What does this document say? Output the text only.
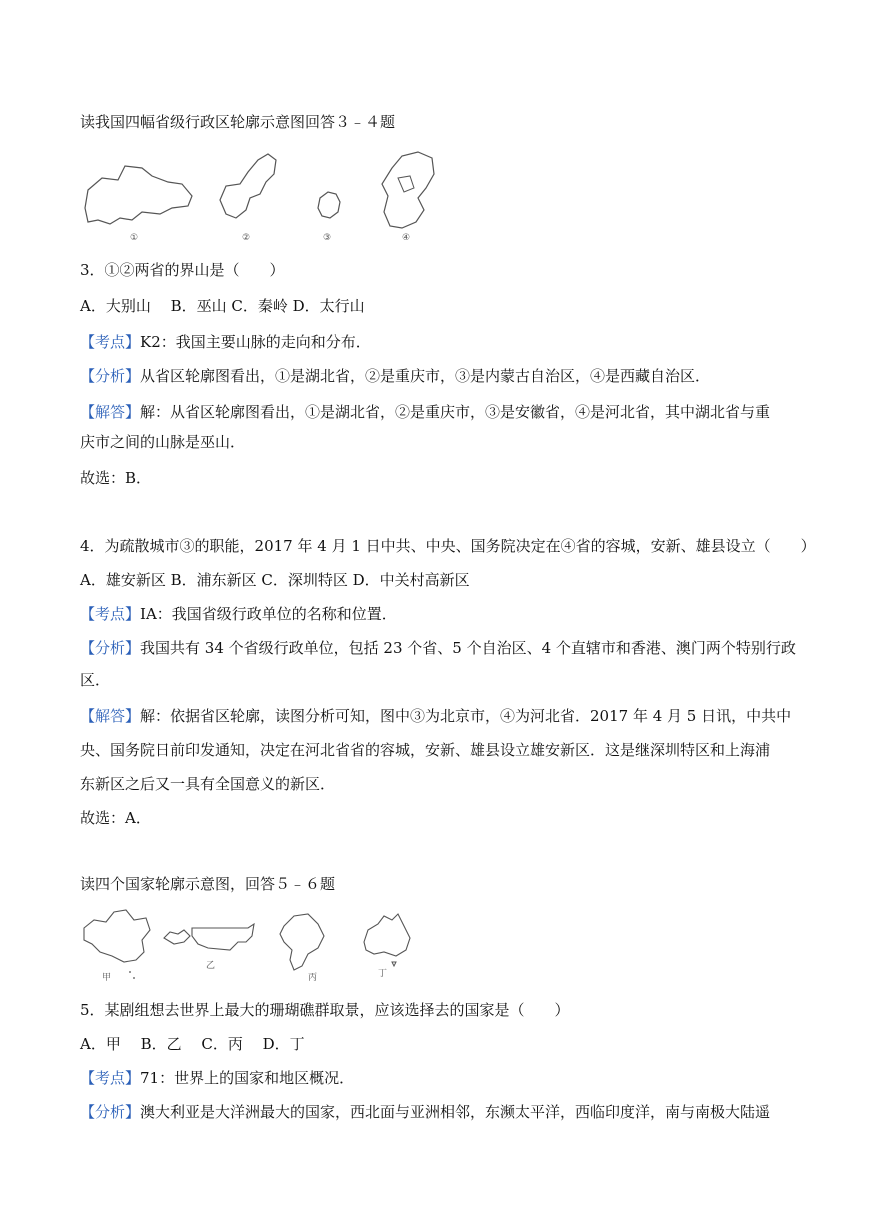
读我国四幅省级行政区轮廓示意图回答３﹣４题
①	②	③	④
3．①②两省的界山是（　　）
A．大别山　 B．巫山 C．秦岭 D．太行山
【考点】K2：我国主要山脉的走向和分布．
【分析】从省区轮廓图看出，①是湖北省，②是重庆市，③是内蒙古自治区，④是西藏自治区．
【解答】解：从省区轮廓图看出，①是湖北省，②是重庆市，③是安徽省，④是河北省，其中湖北省与重
庆市之间的山脉是巫山．
故选：B．
4．为疏散城市③的职能，2017 年 4 月 1 日中共、中央、国务院决定在④省的容城，安新、雄县设立（　　）
A．雄安新区 B．浦东新区 C．深圳特区 D．中关村高新区
【考点】IA：我国省级行政单位的名称和位置．
【分析】我国共有 34 个省级行政单位，包括 23 个省、5 个自治区、4 个直辖市和香港、澳门两个特别行政
区．
【解答】解：依据省区轮廓，读图分析可知，图中③为北京市，④为河北省．2017 年 4 月 5 日讯，中共中
央、国务院日前印发通知，决定在河北省省的容城，安新、雄县设立雄安新区．这是继深圳特区和上海浦
东新区之后又一具有全国意义的新区．
故选：A．
读四个国家轮廓示意图，回答５﹣６题
甲
乙
丙	丁
5．某剧组想去世界上最大的珊瑚礁群取景，应该选择去的国家是（　　）
A．甲　 B．乙　 C．丙　 D．丁
【考点】71：世界上的国家和地区概况．
【分析】澳大利亚是大洋洲最大的国家，西北面与亚洲相邻，东濒太平洋，西临印度洋，南与南极大陆遥
